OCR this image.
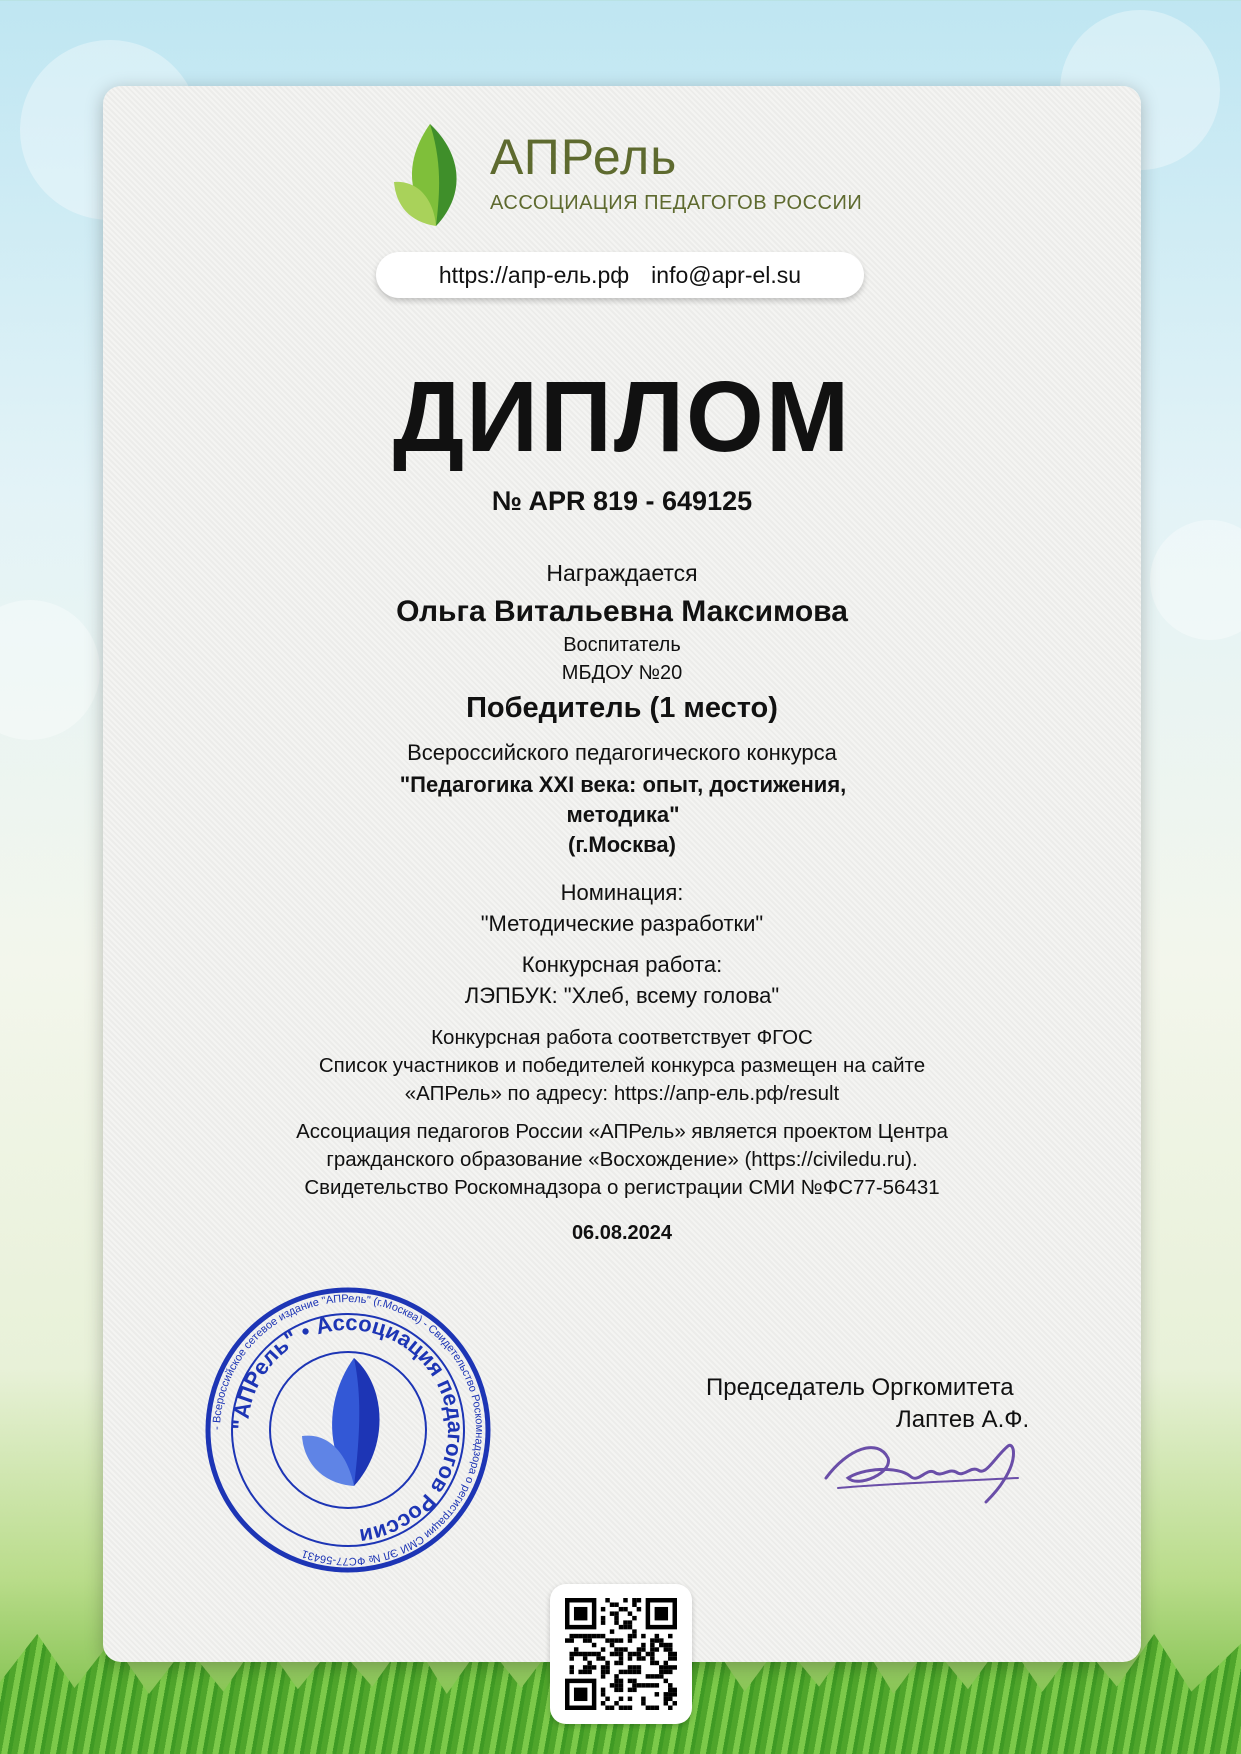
АПРель
АССОЦИАЦИЯ ПЕДАГОГОВ РОССИИ
https://апр-ель.рф info@apr-el.su
ДИПЛОМ
№ APR 819 - 649125
Награждается
Ольга Витальевна Максимова
Воспитатель
МБДОУ №20
Победитель (1 место)
Всероссийского педагогического конкурса
"Педагогика XXI века: опыт, достижения, методика"
(г.Москва)
Номинация:
"Методические разработки"
Конкурсная работа:
ЛЭПБУК: "Хлеб, всему голова"
Конкурсная работа соответствует ФГОС
Список участников и победителей конкурса размещен на сайте
«АПРель» по адресу: https://апр-ель.рф/result
Ассоциация педагогов России «АПРель» является проектом Центра
гражданского образование «Восхождение» (https://civiledu.ru).
Свидетельство Роскомнадзора о регистрации СМИ №ФС77-56431
06.08.2024
- Всероссийское сетевое издание "АПРель" (г.Москва) - Свидетельство Роскомнадзора о регистрации СМИ ЭЛ № ФС77-56431
"АПРель" • Ассоциация педагогов России
Председатель Оргкомитета
Лаптев А.Ф.
